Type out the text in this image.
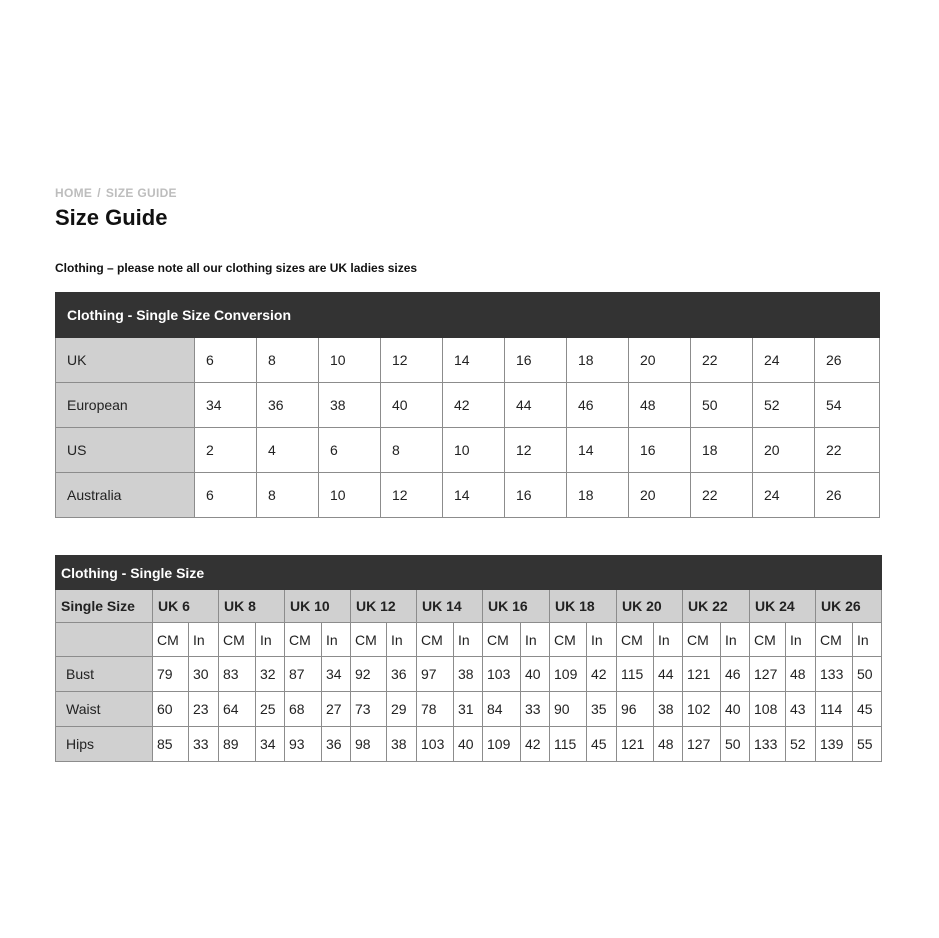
HOME / SIZE GUIDE
Size Guide
Clothing – please note all our clothing sizes are UK ladies sizes
Clothing - Single Size Conversion											
UK	6	8	10	12	14	16	18	20	22	24	26
European	34	36	38	40	42	44	46	48	50	52	54
US	2	4	6	8	10	12	14	16	18	20	22
Australia	6	8	10	12	14	16	18	20	22	24	26
Clothing - Single Size																						
Single Size	UK 6		UK 8		UK 10		UK 12		UK 14		UK 16		UK 18		UK 20		UK 22		UK 24		UK 26	
	CM	In	CM	In	CM	In	CM	In	CM	In	CM	In	CM	In	CM	In	CM	In	CM	In	CM	In
Bust	79	30	83	32	87	34	92	36	97	38	103	40	109	42	115	44	121	46	127	48	133	50
Waist	60	23	64	25	68	27	73	29	78	31	84	33	90	35	96	38	102	40	108	43	114	45
Hips	85	33	89	34	93	36	98	38	103	40	109	42	115	45	121	48	127	50	133	52	139	55
